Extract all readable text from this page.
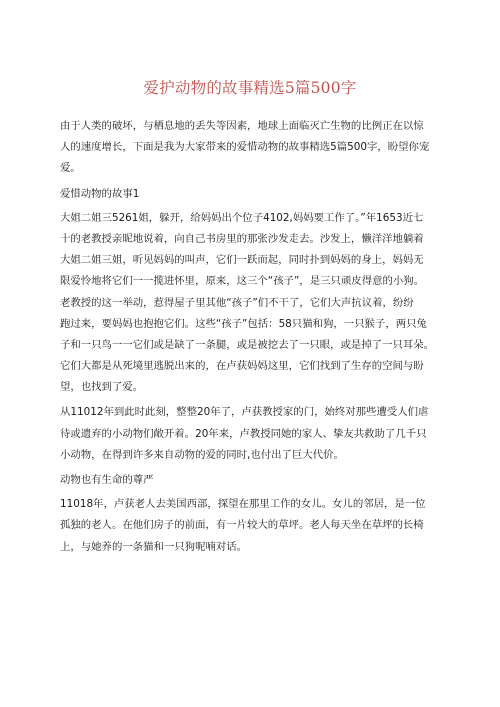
爱护动物的故事精选5篇500字
由于人类的破坏，与栖息地的丢失等因素，地球上面临灭亡生物的比例正在以惊
人的速度增长，下面是我为大家带来的爱惜动物的故事精选5篇500字，盼望你宠
爱。
爱惜动物的故事1
大姐二姐三5261姐，躲开，给妈妈出个位子4102,妈妈要工作了。”年1653近七
十的老教授亲昵地说着，向自己书房里的那张沙发走去。沙发上，懒洋洋地躺着
大姐二姐三姐，听见妈妈的叫声，它们一跃而起，同时扑到妈妈的身上，妈妈无
限爱怜地将它们一一揽进怀里，原来，这三个“孩子”，是三只顽皮得意的小狗。
老教授的这一举动，惹得屋子里其他“孩子”们不干了，它们大声抗议着，纷纷
跑过来，要妈妈也抱抱它们。这些“孩子”包括：58只猫和狗，一只猴子，两只兔
子和一只鸟一一它们或是缺了一条腿，或是被挖去了一只眼，或是掉了一只耳朵。
它们大都是从死境里逃脱出来的，在卢获妈妈这里，它们找到了生存的空间与盼
望，也找到了爱。
从11012年到此时此刻，整整20年了，卢获教授家的门，始终对那些遭受人们虐
待或遗弃的小动物们敞开着。20年来，卢教授同她的家人、挚友共救助了几千只
小动物，在得到许多来自动物的爱的同时,也付出了巨大代价。
动物也有生命的尊严
11018年，卢获老人去美国西部，探望在那里工作的女儿。女儿的邻居，是一位
孤独的老人。在他们房子的前面，有一片较大的草坪。老人每天坐在草坪的长椅
上，与她养的一条猫和一只狗呢喃对话。
